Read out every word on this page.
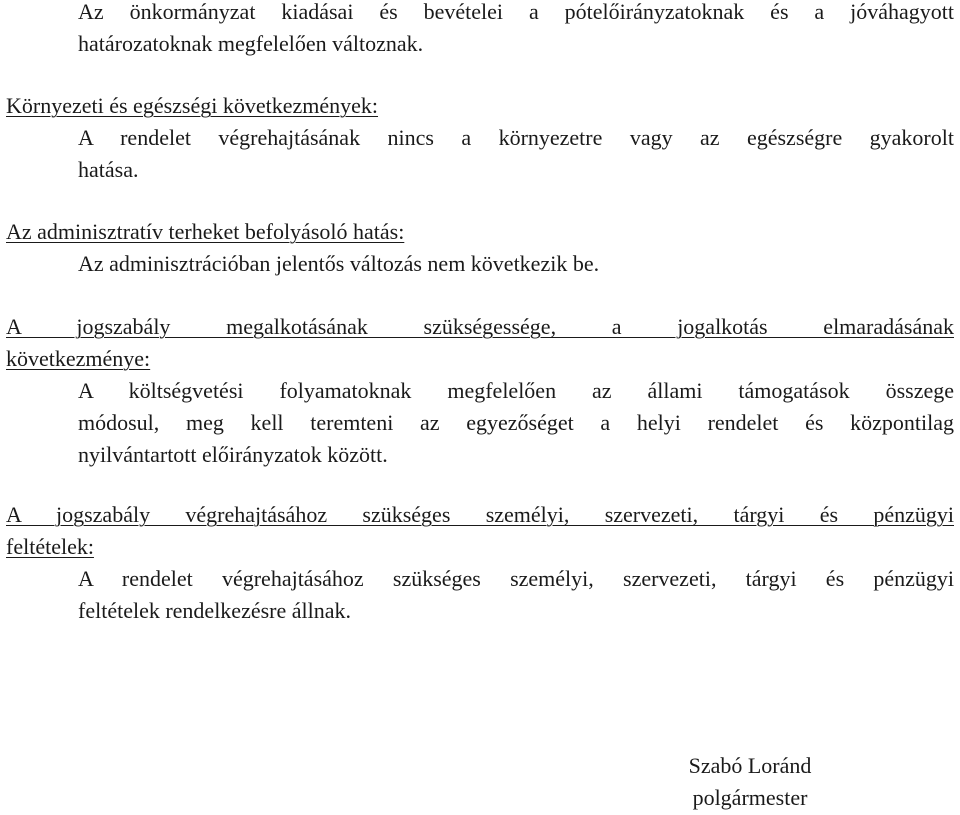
Az önkormányzat kiadásai és bevételei a pótelőirányzatoknak és a jóváhagyott
határozatoknak megfelelően változnak.
Környezeti és egészségi következmények:
A rendelet végrehajtásának nincs a környezetre vagy az egészségre gyakorolt
hatása.
Az adminisztratív terheket befolyásoló hatás:
Az adminisztrációban jelentős változás nem következik be.
A jogszabály megalkotásának szükségessége, a jogalkotás elmaradásának
következménye:
A költségvetési folyamatoknak megfelelően az állami támogatások összege
módosul, meg kell teremteni az egyezőséget a helyi rendelet és központilag
nyilvántartott előirányzatok között.
A jogszabály végrehajtásához szükséges személyi, szervezeti, tárgyi és pénzügyi
feltételek:
A rendelet végrehajtásához szükséges személyi, szervezeti, tárgyi és pénzügyi
feltételek rendelkezésre állnak.
Szabó Loránd
polgármester
